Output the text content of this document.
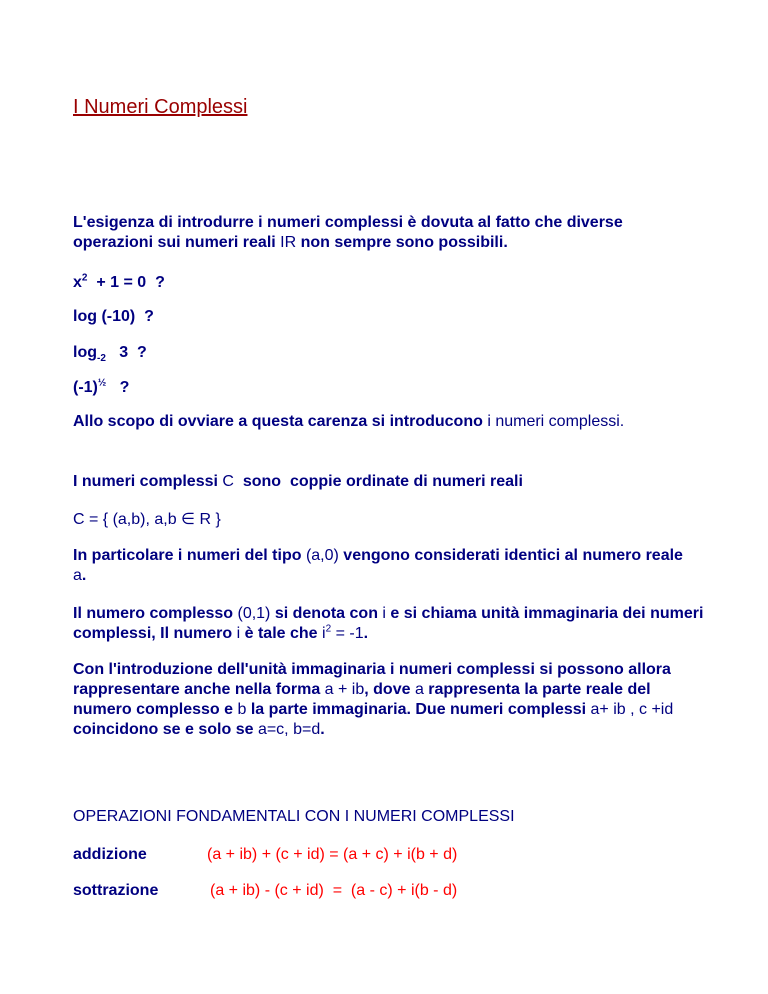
I Numeri Complessi
L'esigenza di introdurre i numeri complessi è dovuta al fatto che diverse
operazioni sui numeri reali IR non sempre sono possibili.
$x^2 + 1 = 0$  ?
log (-10)  ?
$\log_{-2} 3$  ?
$(-1)^{\frac{1}{2}}$   ?
Allo scopo di ovviare a questa carenza si introducono i numeri complessi.
I numeri complessi C  sono  coppie ordinate di numeri reali
C = { (a,b), a,b ∈ R }
In particolare i numeri del tipo (a,0) vengono considerati identici al numero reale a.
Il numero complesso (0,1) si denota con i e si chiama unità immaginaria dei numeri complessi, Il numero i è tale che $i^2 = -1$.
Con l'introduzione dell'unità immaginaria i numeri complessi si possono allora rappresentare anche nella forma a + ib, dove a rappresenta la parte reale del numero complesso e b la parte immaginaria. Due numeri complessi a+ ib , c +id coincidono se e solo se a=c, b=d.
OPERAZIONI FONDAMENTALI CON I NUMERI COMPLESSI
addizione	(a + ib) + (c + id) = (a + c) + i(b + d)
sottrazione	(a + ib) - (c + id)  =  (a - c) + i(b - d)
